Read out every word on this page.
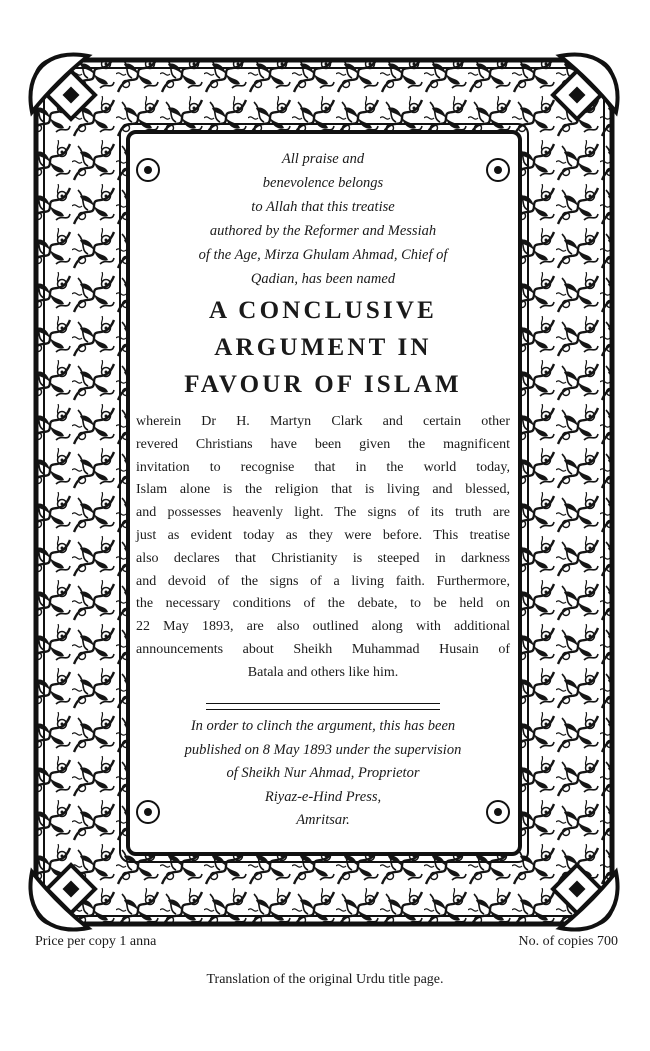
All praise and
benevolence belongs
to Allah that this treatise
authored by the Reformer and Messiah
of the Age, Mirza Ghulam Ahmad, Chief of
Qadian, has been named
A CONCLUSIVE
ARGUMENT IN
FAVOUR OF ISLAM
wherein Dr H. Martyn Clark and certain other
revered Christians have been given the magnificent
invitation to recognise that in the world today,
Islam alone is the religion that is living and blessed,
and possesses heavenly light. The signs of its truth are
just as evident today as they were before. This treatise
also declares that Christianity is steeped in darkness
and devoid of the signs of a living faith. Furthermore,
the necessary conditions of the debate, to be held on
22 May 1893, are also outlined along with additional
announcements about Sheikh Muhammad Husain of
Batala and others like him.
In order to clinch the argument, this has been
published on 8 May 1893 under the supervision
of Sheikh Nur Ahmad, Proprietor
Riyaz-e-Hind Press,
Amritsar.
Price per copy 1 anna	No. of copies 700
Translation of the original Urdu title page.
